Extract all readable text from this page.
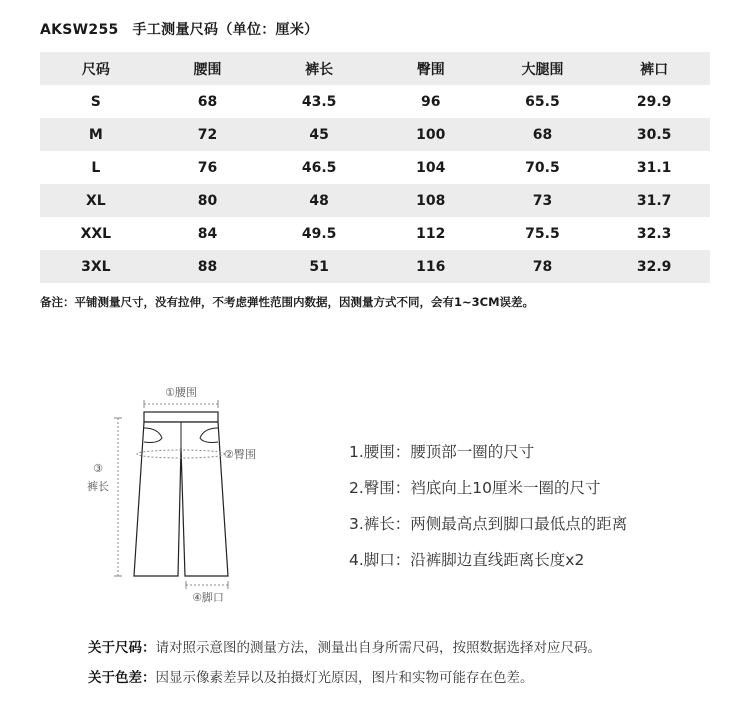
AKSW255 手工测量尺码（单位：厘米）
尺码	腰围	裤长	臀围	大腿围	裤口
S	68	43.5	96	65.5	29.9
M	72	45	100	68	30.5
L	76	46.5	104	70.5	31.1
XL	80	48	108	73	31.7
XXL	84	49.5	112	75.5	32.3
3XL	88	51	116	78	32.9
备注：平铺测量尺寸，没有拉伸，不考虑弹性范围内数据，因测量方式不同，会有1~3CM误差。
①腰围
②臀围
③
裤长
④脚口
1.腰围：腰顶部一圈的尺寸
2.臀围：裆底向上10厘米一圈的尺寸
3.裤长：两侧最高点到脚口最低点的距离
4.脚口：沿裤脚边直线距离长度x2
关于尺码：请对照示意图的测量方法，测量出自身所需尺码，按照数据选择对应尺码。
关于色差：因显示像素差异以及拍摄灯光原因，图片和实物可能存在色差。
